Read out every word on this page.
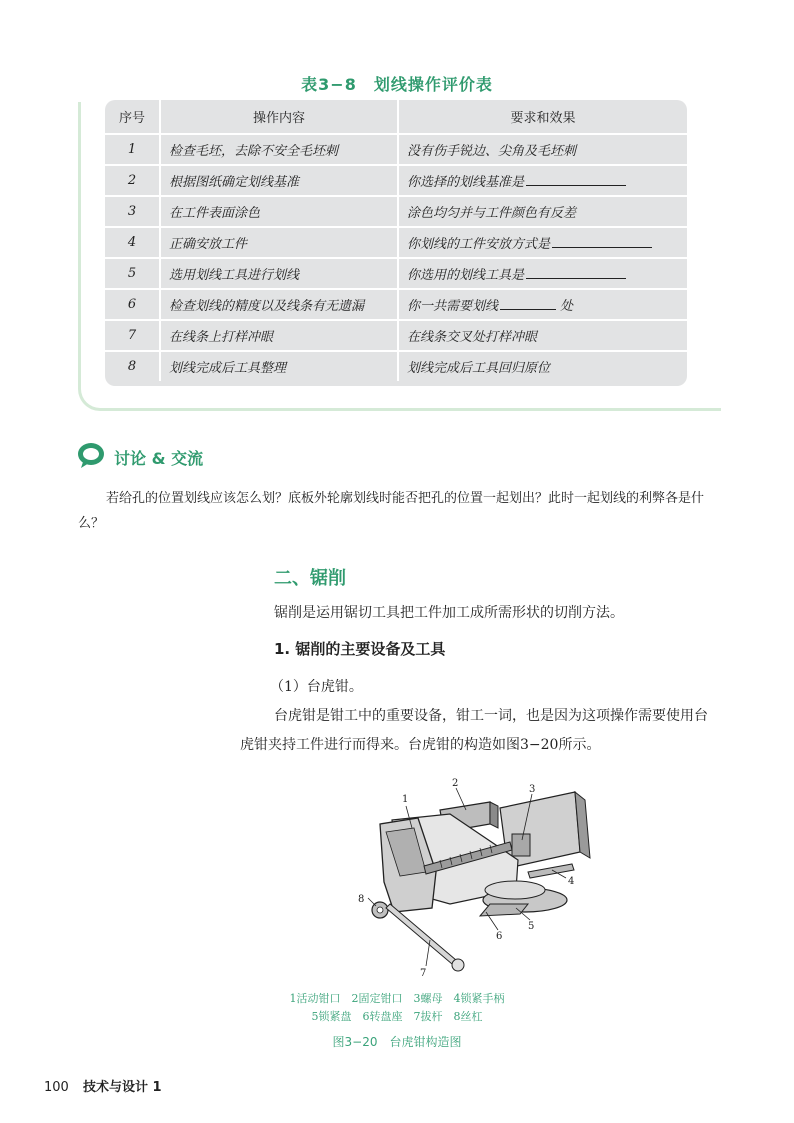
表3−8　划线操作评价表
序号	操作内容	要求和效果
1	检查毛坯，去除不安全毛坯剌	没有伤手锐边、尖角及毛坯刺
2	根据图纸确定划线基准	你选择的划线基准是
3	在工件表面涂色	涂色均匀并与工件颜色有反差
4	正确安放工件	你划线的工件安放方式是
5	选用划线工具进行划线	你选用的划线工具是
6	检查划线的精度以及线条有无遗漏	你一共需要划线 处
7	在线条上打样冲眼	在线条交叉处打样冲眼
8	划线完成后工具整理	划线完成后工具回归原位
讨论 & 交流
若给孔的位置划线应该怎么划？底板外轮廓划线时能否把孔的位置一起划出？此时一起划线的利弊各是什么？
二、锯削
锯削是运用锯切工具把工件加工成所需形状的切削方法。
1. 锯削的主要设备及工具
（1）台虎钳。
台虎钳是钳工中的重要设备，钳工一词，也是因为这项操作需要使用台虎钳夹持工件进行而得来。台虎钳的构造如图3−20所示。
1
2
3
4
5
6
7
8
1活动钳口　2固定钳口　3螺母　4锁紧手柄
5锁紧盘　6转盘座　7拔杆　8丝杠
图3−20　台虎钳构造图
100 技术与设计 1
